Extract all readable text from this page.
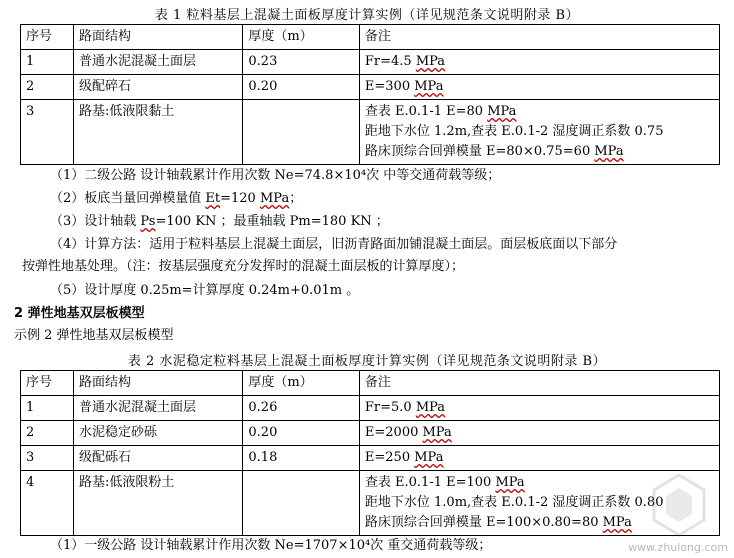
表 1 粒料基层上混凝土面板厚度计算实例（详见规范条文说明附录 B）
序号	路面结构	厚度（m）	备注
1	普通水泥混凝土面层	0.23	Fr=4.5 MPa
2	级配碎石	0.20	E=300 MPa
3	路基:低液限黏土		查表 E.0.1-1 E=80 MPa
距地下水位 1.2m,查表 E.0.1-2 湿度调正系数 0.75
路床顶综合回弹模量 E=80×0.75=60 MPa
（1）二级公路 设计轴载累计作用次数 Ne=74.8×10⁴次 中等交通荷载等级；
（2）板底当量回弹模量值 Et=120 MPa；
（3）设计轴载 Ps=100 KN ；最重轴载 Pm=180 KN ；
（4）计算方法：适用于粒料基层上混凝土面层，旧沥青路面加铺混凝土面层。面层板底面以下部分
按弹性地基处理。（注：按基层强度充分发挥时的混凝土面层板的计算厚度）；
（5）设计厚度 0.25m=计算厚度 0.24m+0.01m 。
2 弹性地基双层板模型
示例 2 弹性地基双层板模型
表 2 水泥稳定粒料基层上混凝土面板厚度计算实例（详见规范条文说明附录 B）
序号	路面结构	厚度（m）	备注
1	普通水泥混凝土面层	0.26	Fr=5.0 MPa
2	水泥稳定砂砾	0.20	E=2000 MPa
3	级配砾石	0.18	E=250 MPa
4	路基:低液限粉土		查表 E.0.1-1 E=100 MPa
距地下水位 1.0m,查表 E.0.1-2 湿度调正系数 0.80
路床顶综合回弹模量 E=100×0.80=80 MPa
（1）一级公路 设计轴载累计作用次数 Ne=1707×10⁴次 重交通荷载等级；	www.zhulong.com
